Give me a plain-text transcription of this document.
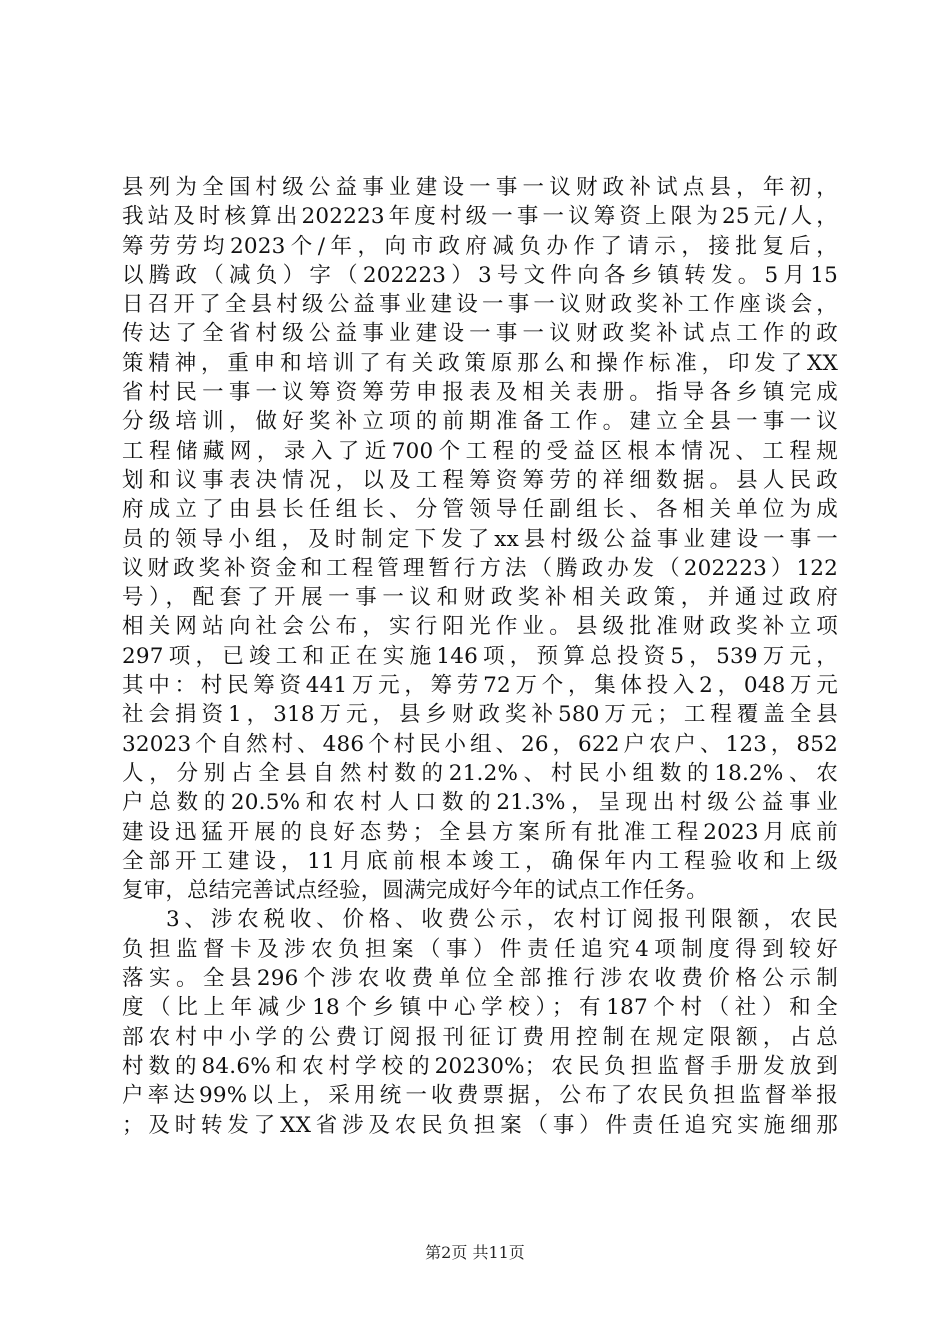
县列为全国村级公益事业建设一事一议财政补试点县，年初，
我站及时核算出202223年度村级一事一议筹资上限为25元/人，
筹劳劳均2023个/年，向市政府减负办作了请示，接批复后，
以腾政（减负）字（202223）3号文件向各乡镇转发。5月15
日召开了全县村级公益事业建设一事一议财政奖补工作座谈会，
传达了全省村级公益事业建设一事一议财政奖补试点工作的政
策精神，重申和培训了有关政策原那么和操作标准，印发了XX
省村民一事一议筹资筹劳申报表及相关表册。指导各乡镇完成
分级培训，做好奖补立项的前期准备工作。建立全县一事一议
工程储藏网，录入了近700个工程的受益区根本情况、工程规
划和议事表决情况，以及工程筹资筹劳的祥细数据。县人民政
府成立了由县长任组长、分管领导任副组长、各相关单位为成
员的领导小组，及时制定下发了xx县村级公益事业建设一事一
议财政奖补资金和工程管理暂行方法（腾政办发（202223）122
号），配套了开展一事一议和财政奖补相关政策，并通过政府
相关网站向社会公布，实行阳光作业。县级批准财政奖补立项
297项，已竣工和正在实施146项，预算总投资5，539万元，
其中：村民筹资441万元，筹劳72万个，集体投入2，048万元
社会捐资1，318万元，县乡财政奖补580万元；工程覆盖全县
32023个自然村、486个村民小组、26，622户农户、123，852
人，分别占全县自然村数的21.2%、村民小组数的18.2%、农
户总数的20.5%和农村人口数的21.3%，呈现出村级公益事业
建设迅猛开展的良好态势；全县方案所有批准工程2023月底前
全部开工建设，11月底前根本竣工，确保年内工程验收和上级
复审，总结完善试点经验，圆满完成好今年的试点工作任务。
3、涉农税收、价格、收费公示，农村订阅报刊限额，农民
负担监督卡及涉农负担案（事）件责任追究4项制度得到较好
落实。全县296个涉农收费单位全部推行涉农收费价格公示制
度（比上年减少18个乡镇中心学校）；有187个村（社）和全
部农村中小学的公费订阅报刊征订费用控制在规定限额，占总
村数的84.6%和农村学校的20230%；农民负担监督手册发放到
户率达99%以上，采用统一收费票据，公布了农民负担监督举报
；及时转发了XX省涉及农民负担案（事）件责任追究实施细那
第2页 共11页
